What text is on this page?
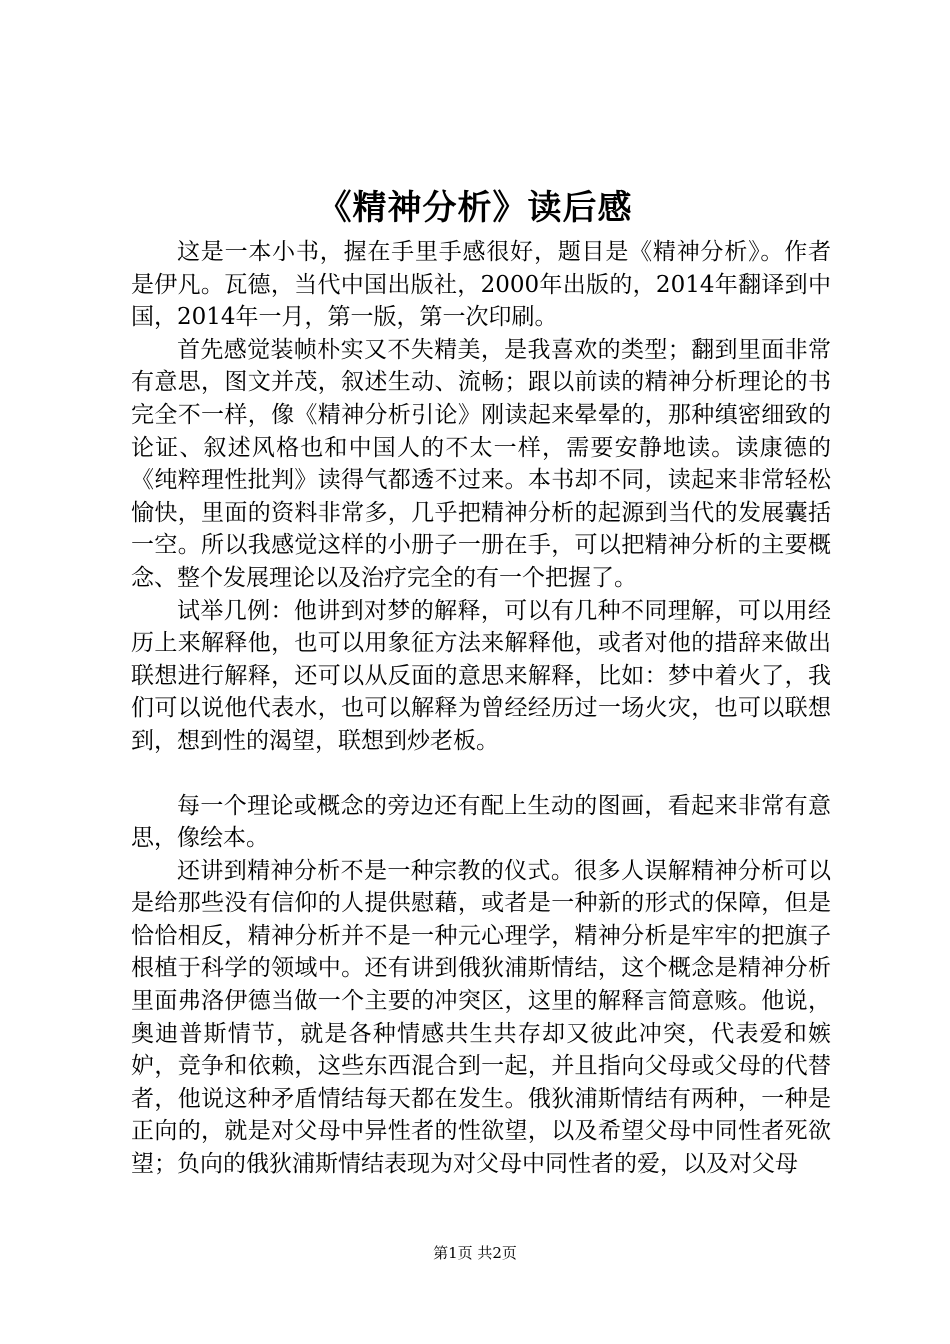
《精神分析》读后感

这是一本小书，握在手里手感很好，题目是《精神分析》。作者是伊凡。瓦德，当代中国出版社，2000年出版的，2014年翻译到中国，2014年一月，第一版，第一次印刷。

首先感觉装帧朴实又不失精美，是我喜欢的类型；翻到里面非常有意思，图文并茂，叙述生动、流畅；跟以前读的精神分析理论的书完全不一样，像《精神分析引论》刚读起来晕晕的，那种缜密细致的论证、叙述风格也和中国人的不太一样，需要安静地读。读康德的《纯粹理性批判》读得气都透不过来。本书却不同，读起来非常轻松愉快，里面的资料非常多，几乎把精神分析的起源到当代的发展囊括一空。所以我感觉这样的小册子一册在手，可以把精神分析的主要概念、整个发展理论以及治疗完全的有一个把握了。

试举几例：他讲到对梦的解释，可以有几种不同理解，可以用经历上来解释他，也可以用象征方法来解释他，或者对他的措辞来做出联想进行解释，还可以从反面的意思来解释，比如：梦中着火了，我们可以说他代表水，也可以解释为曾经经历过一场火灾，也可以联想到，想到性的渴望，联想到炒老板。

每一个理论或概念的旁边还有配上生动的图画，看起来非常有意思，像绘本。

还讲到精神分析不是一种宗教的仪式。很多人误解精神分析可以是给那些没有信仰的人提供慰藉，或者是一种新的形式的保障，但是恰恰相反，精神分析并不是一种元心理学，精神分析是牢牢的把旗子根植于科学的领域中。还有讲到俄狄浦斯情结，这个概念是精神分析里面弗洛伊德当做一个主要的冲突区，这里的解释言简意赅。他说，奥迪普斯情节，就是各种情感共生共存却又彼此冲突，代表爱和嫉妒，竞争和依赖，这些东西混合到一起，并且指向父母或父母的代替者，他说这种矛盾情结每天都在发生。俄狄浦斯情结有两种，一种是正向的，就是对父母中异性者的性欲望，以及希望父母中同性者死欲望；负向的俄狄浦斯情结表现为对父母中同性者的爱，以及对父母

第1页 共2页
